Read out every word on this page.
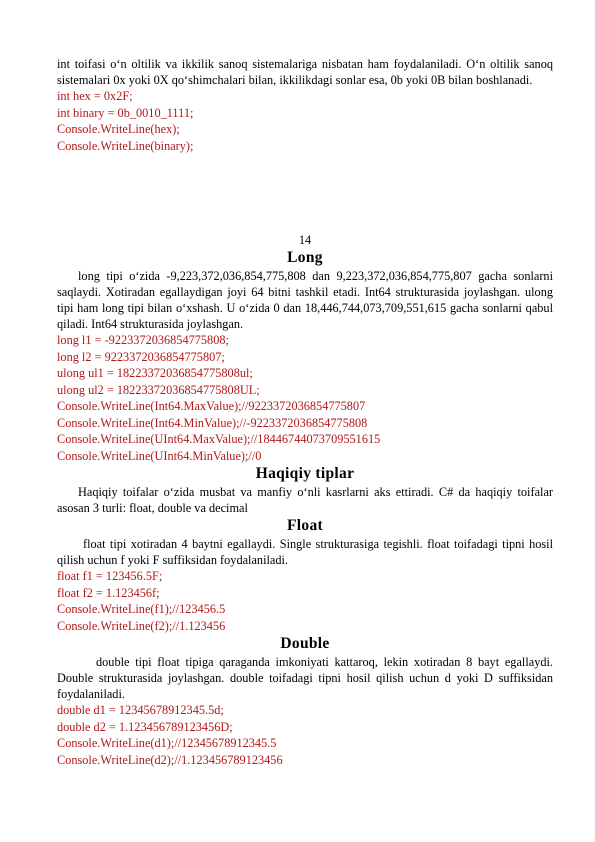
int toifasi o‘n oltilik va ikkilik sanoq sistemalariga nisbatan ham foydalaniladi. O‘n oltilik sanoq sistemalari 0x yoki 0X qo‘shimchalari bilan, ikkilikdagi sonlar esa, 0b yoki 0B bilan boshlanadi.

int hex = 0x2F;
int binary = 0b_0010_1111;
Console.WriteLine(hex);
Console.WriteLine(binary);
14
Long

long tipi o‘zida -9,223,372,036,854,775,808 dan 9,223,372,036,854,775,807 gacha sonlarni saqlaydi. Xotiradan egallaydigan joyi 64 bitni tashkil etadi. Int64 strukturasida joylashgan. ulong tipi ham long tipi bilan o‘xshash. U o‘zida 0 dan 18,446,744,073,709,551,615 gacha sonlarni qabul qiladi. Int64 strukturasida joylashgan.

long l1 = -9223372036854775808;
long l2 = 9223372036854775807;
ulong ul1 = 18223372036854775808ul;
ulong ul2 = 18223372036854775808UL;
Console.WriteLine(Int64.MaxValue);//9223372036854775807
Console.WriteLine(Int64.MinValue);//-9223372036854775808
Console.WriteLine(UInt64.MaxValue);//18446744073709551615
Console.WriteLine(UInt64.MinValue);//0
Haqiqiy tiplar

Haqiqiy toifalar o‘zida musbat va manfiy o‘nli kasrlarni aks ettiradi. C# da haqiqiy toifalar asosan 3 turli: float, double va decimal

Float

float tipi xotiradan 4 baytni egallaydi. Single strukturasiga tegishli. float toifadagi tipni hosil qilish uchun f yoki F suffiksidan foydalaniladi.

float f1 = 123456.5F;
float f2 = 1.123456f;
Console.WriteLine(f1);//123456.5
Console.WriteLine(f2);//1.123456
Double

double tipi float tipiga qaraganda imkoniyati kattaroq, lekin xotiradan 8 bayt egallaydi. Double strukturasida joylashgan. double toifadagi tipni hosil qilish uchun d yoki D suffiksidan foydalaniladi.

double d1 = 12345678912345.5d;
double d2 = 1.123456789123456D;
Console.WriteLine(d1);//12345678912345.5
Console.WriteLine(d2);//1.123456789123456
